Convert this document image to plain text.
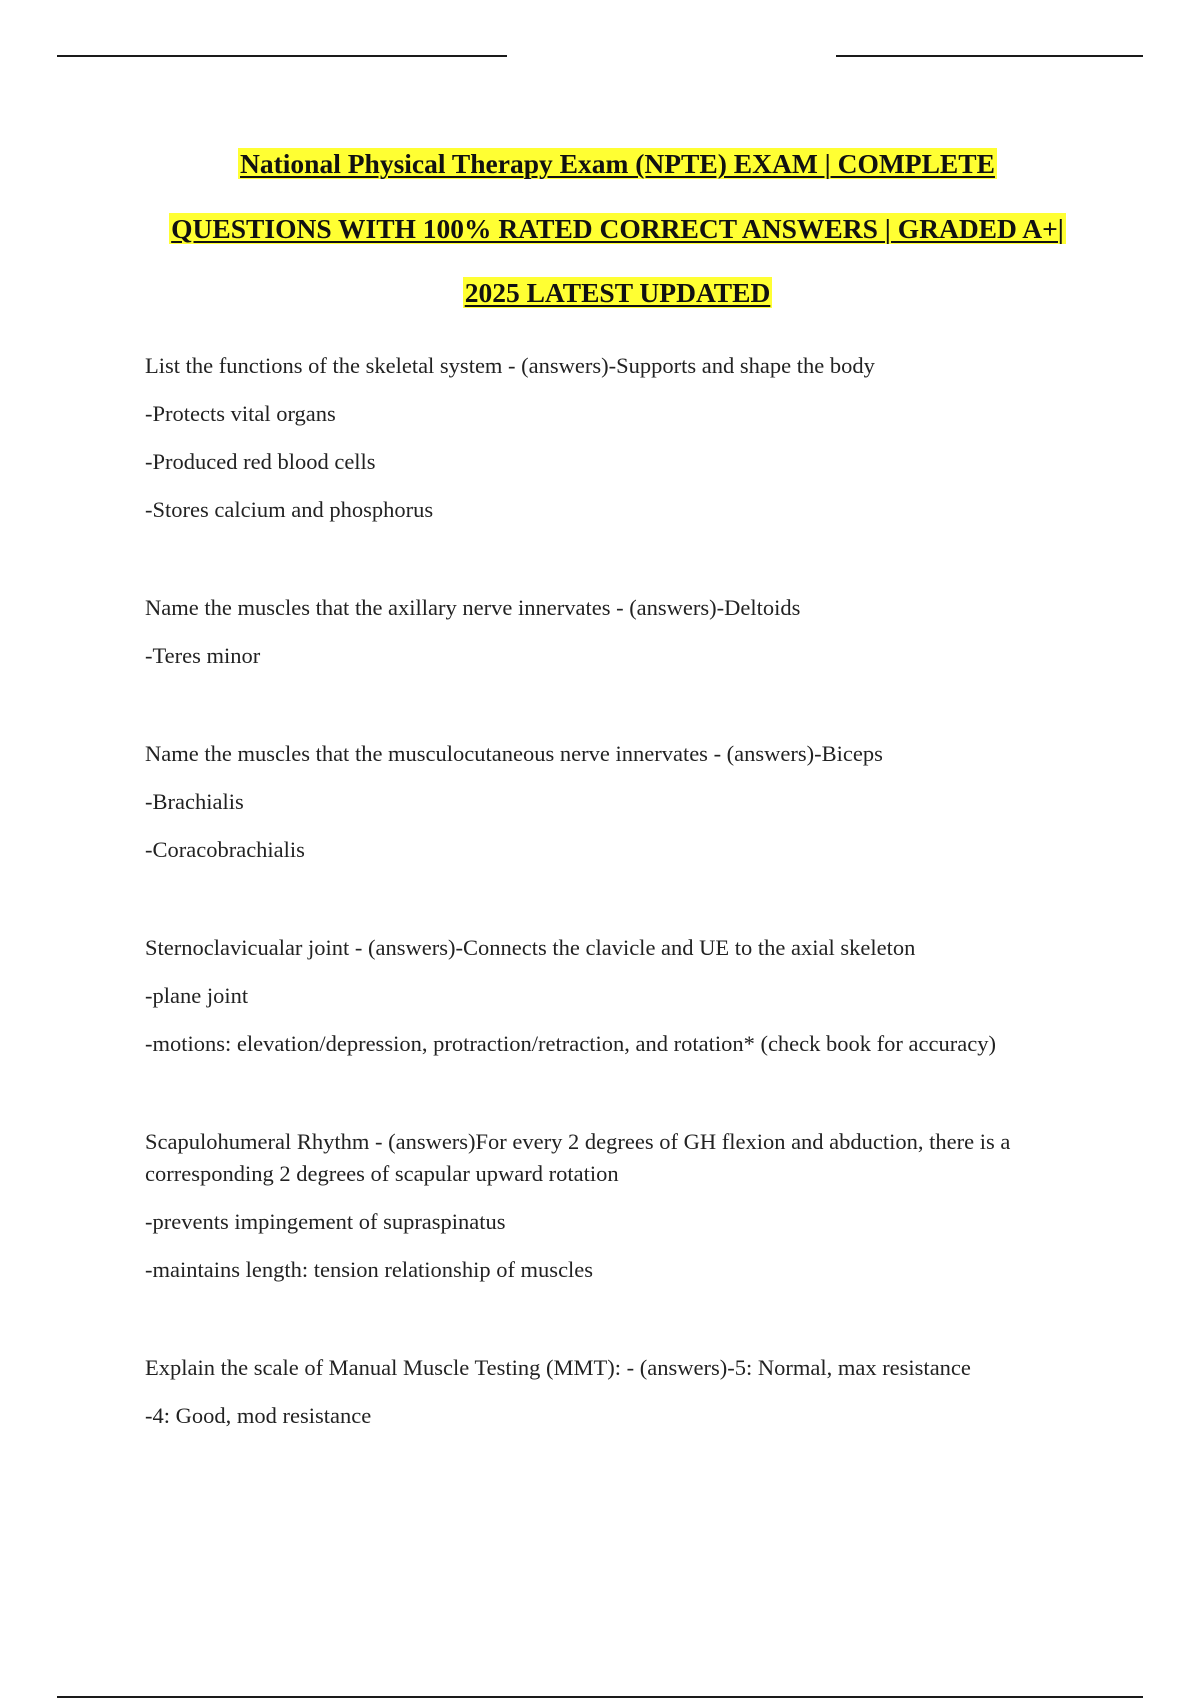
National Physical Therapy Exam (NPTE) EXAM | COMPLETE
QUESTIONS WITH 100% RATED CORRECT ANSWERS | GRADED A+|
2025 LATEST UPDATED

List the functions of the skeletal system - (answers)-Supports and shape the body

-Protects vital organs

-Produced red blood cells

-Stores calcium and phosphorus

Name the muscles that the axillary nerve innervates - (answers)-Deltoids

-Teres minor

Name the muscles that the musculocutaneous nerve innervates - (answers)-Biceps

-Brachialis

-Coracobrachialis

Sternoclavicualar joint - (answers)-Connects the clavicle and UE to the axial skeleton

-plane joint

-motions: elevation/depression, protraction/retraction, and rotation* (check book for accuracy)

Scapulohumeral Rhythm - (answers)For every 2 degrees of GH flexion and abduction, there is a corresponding 2 degrees of scapular upward rotation

-prevents impingement of supraspinatus

-maintains length: tension relationship of muscles

Explain the scale of Manual Muscle Testing (MMT): - (answers)-5: Normal, max resistance

-4: Good, mod resistance
